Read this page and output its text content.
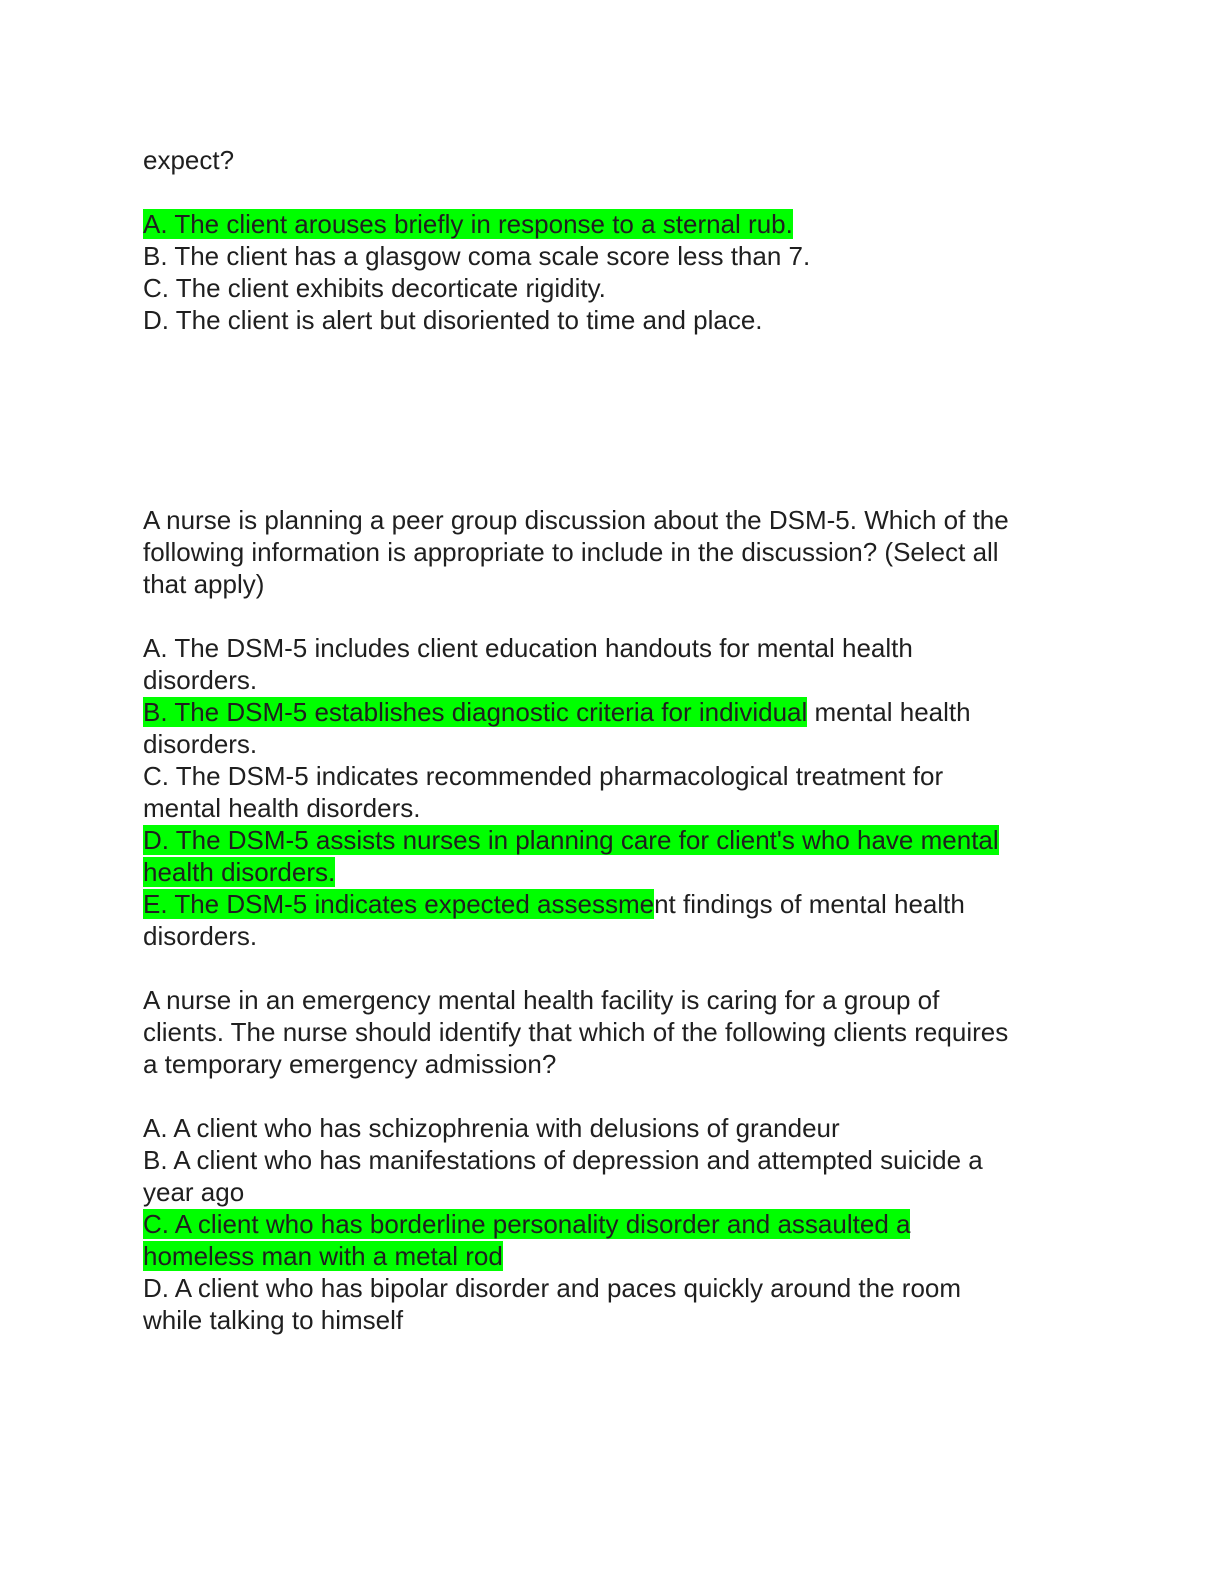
expect?
A. The client arouses briefly in response to a sternal rub.
B. The client has a glasgow coma scale score less than 7.
C. The client exhibits decorticate rigidity.
D. The client is alert but disoriented to time and place.
A nurse is planning a peer group discussion about the DSM-5. Which of the
following information is appropriate to include in the discussion? (Select all
that apply)
A. The DSM-5 includes client education handouts for mental health
disorders.
B. The DSM-5 establishes diagnostic criteria for individual mental health
disorders.
C. The DSM-5 indicates recommended pharmacological treatment for
mental health disorders.
D. The DSM-5 assists nurses in planning care for client's who have mental
health disorders.
E. The DSM-5 indicates expected assessment findings of mental health
disorders.
A nurse in an emergency mental health facility is caring for a group of
clients. The nurse should identify that which of the following clients requires
a temporary emergency admission?
A. A client who has schizophrenia with delusions of grandeur
B. A client who has manifestations of depression and attempted suicide a
year ago
C. A client who has borderline personality disorder and assaulted a
homeless man with a metal rod
D. A client who has bipolar disorder and paces quickly around the room
while talking to himself
